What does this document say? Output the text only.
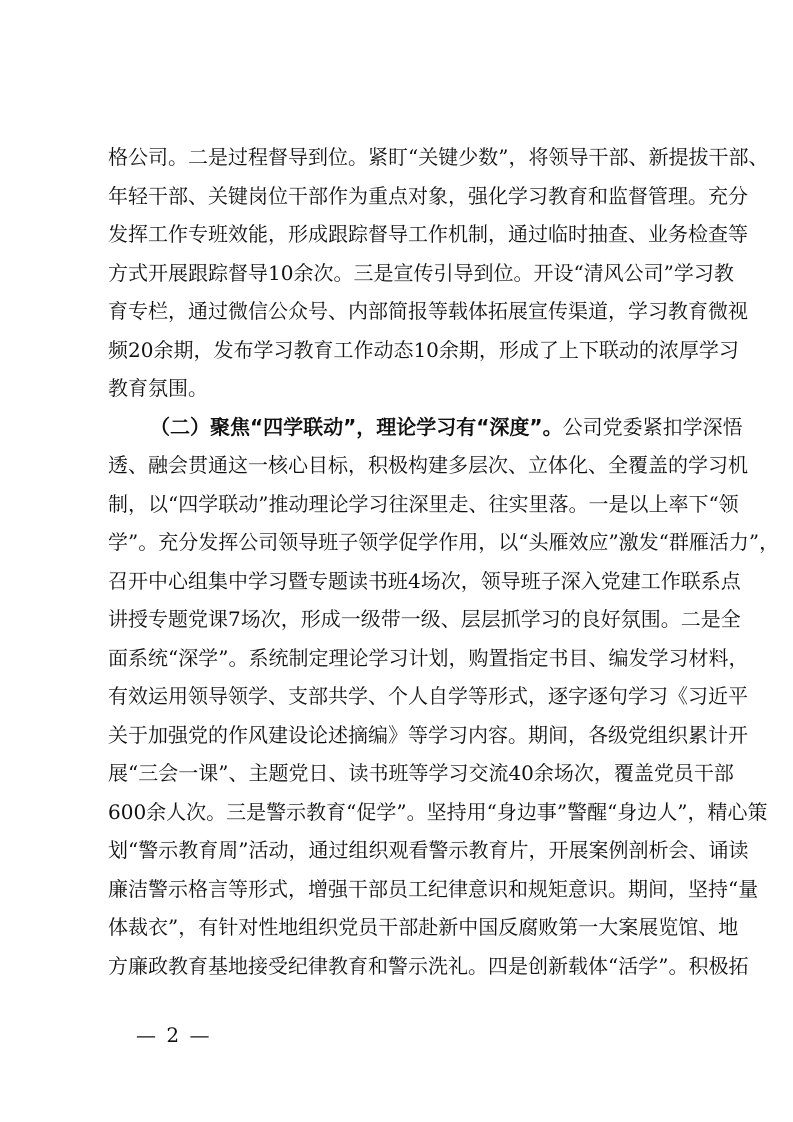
格公司。二是过程督导到位。紧盯“关键少数”，将领导干部、新提拔干部、
年轻干部、关键岗位干部作为重点对象，强化学习教育和监督管理。充分
发挥工作专班效能，形成跟踪督导工作机制，通过临时抽查、业务检查等
方式开展跟踪督导10余次。三是宣传引导到位。开设“清风公司”学习教
育专栏，通过微信公众号、内部简报等载体拓展宣传渠道，学习教育微视
频20余期，发布学习教育工作动态10余期，形成了上下联动的浓厚学习
教育氛围。
（二）聚焦“四学联动”，理论学习有“深度”。公司党委紧扣学深悟
透、融会贯通这一核心目标，积极构建多层次、立体化、全覆盖的学习机
制，以“四学联动”推动理论学习往深里走、往实里落。一是以上率下“领
学”。充分发挥公司领导班子领学促学作用，以“头雁效应”激发“群雁活力”，
召开中心组集中学习暨专题读书班4场次，领导班子深入党建工作联系点
讲授专题党课7场次，形成一级带一级、层层抓学习的良好氛围。二是全
面系统“深学”。系统制定理论学习计划，购置指定书目、编发学习材料，
有效运用领导领学、支部共学、个人自学等形式，逐字逐句学习《习近平
关于加强党的作风建设论述摘编》等学习内容。期间，各级党组织累计开
展“三会一课”、主题党日、读书班等学习交流40余场次，覆盖党员干部
600余人次。三是警示教育“促学”。坚持用“身边事”警醒“身边人”，精心策
划“警示教育周”活动，通过组织观看警示教育片，开展案例剖析会、诵读
廉洁警示格言等形式，增强干部员工纪律意识和规矩意识。期间，坚持“量
体裁衣”，有针对性地组织党员干部赴新中国反腐败第一大案展览馆、地
方廉政教育基地接受纪律教育和警示洗礼。四是创新载体“活学”。积极拓
— 2 —
